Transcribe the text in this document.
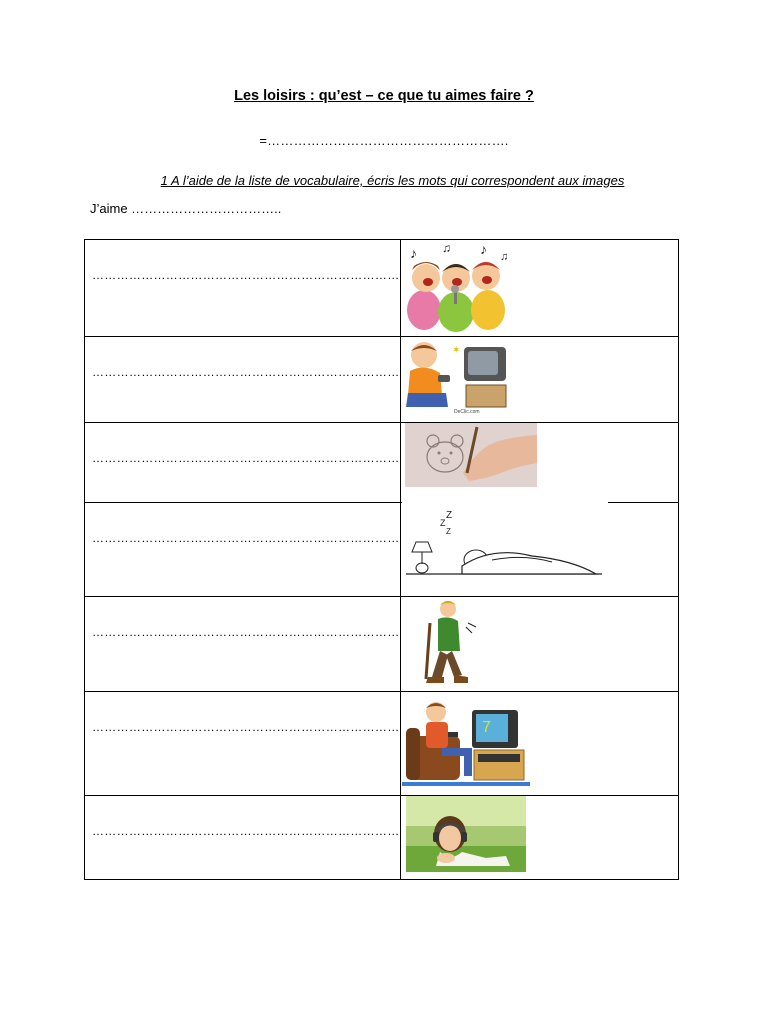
Les loisirs : qu’est – ce que tu aimes faire ?
=……………………………………………….
1 A l’aide de la liste de vocabulaire, écris les mots qui correspondent aux images
J’aime ……………………………..
…………………………………………………………………	♪ ♫ ♪ ♫

…………………………………………………………………	✶
DeClic.com

…………………………………………………………………

…………………………………………………………………	Z
Z
Z

…………………………………………………………………

…………………………………………………………………	7

…………………………………………………………………
